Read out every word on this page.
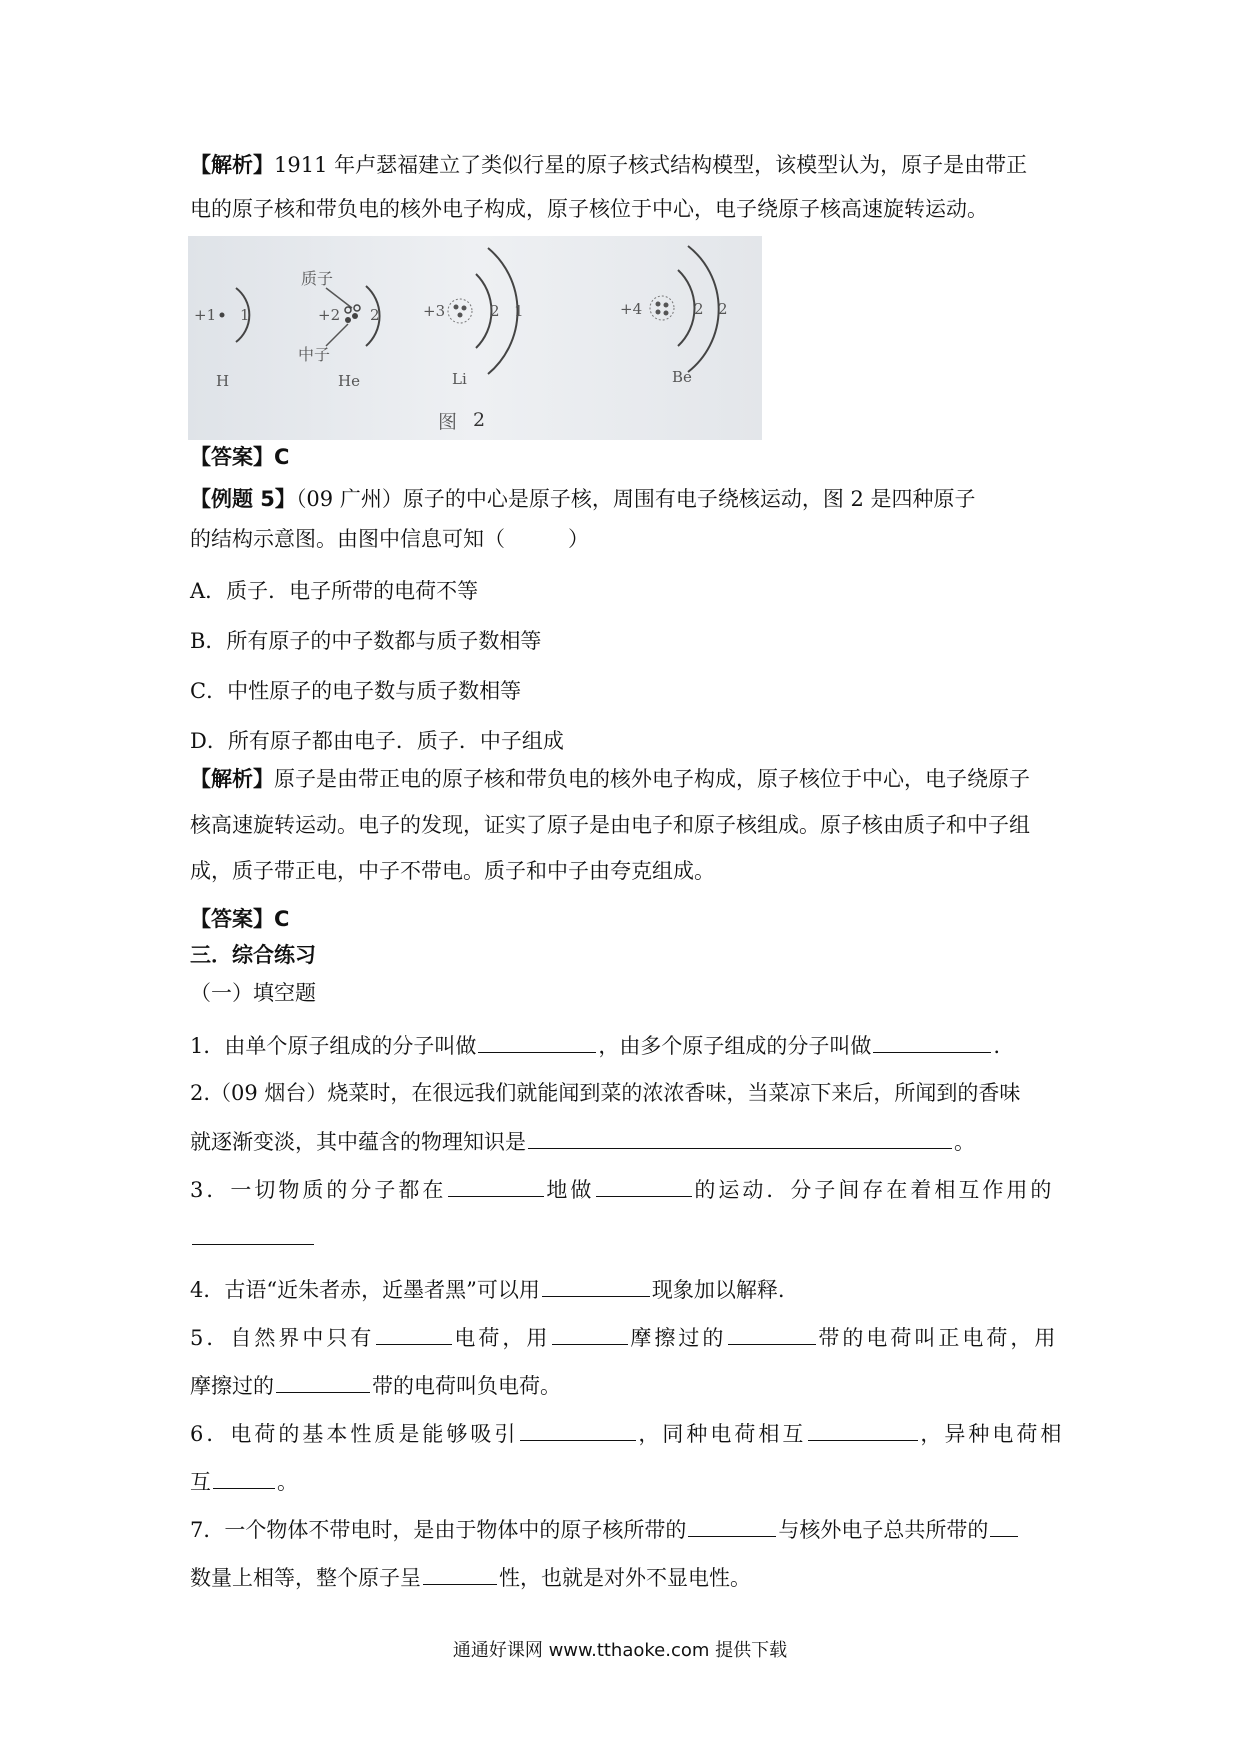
【解析】1911 年卢瑟福建立了类似行星的原子核式结构模型，该模型认为，原子是由带正
电的原子核和带负电的核外电子构成，原子核位于中心，电子绕原子核高速旋转运动。
+1 1
H
质子
+2
中子
2
He
+3	2 1
Li
+4	2 2
Be
图 2
【答案】C
【例题 5】（09 广州）原子的中心是原子核，周围有电子绕核运动，图 2 是四种原子
的结构示意图。由图中信息可知（　　　）
A．质子．电子所带的电荷不等
B．所有原子的中子数都与质子数相等
C．中性原子的电子数与质子数相等
D．所有原子都由电子．质子．中子组成
【解析】原子是由带正电的原子核和带负电的核外电子构成，原子核位于中心，电子绕原子
核高速旋转运动。电子的发现，证实了原子是由电子和原子核组成。原子核由质子和中子组
成，质子带正电，中子不带电。质子和中子由夸克组成。
【答案】C
三．综合练习
（一）填空题
1．由单个原子组成的分子叫做	，由多个原子组成的分子叫做	.
2.（09 烟台）烧菜时，在很远我们就能闻到菜的浓浓香味，当菜凉下来后，所闻到的香味
就逐渐变淡，其中蕴含的物理知识是	。
3．一切物质的分子都在	地做	的运动．分子间存在着相互作用的
4．古语“近朱者赤，近墨者黑”可以用	现象加以解释.
5．自然界中只有	电荷，用	摩擦过的	带的电荷叫正电荷，用
摩擦过的	带的电荷叫负电荷。
6．电荷的基本性质是能够吸引	，同种电荷相互	，异种电荷相
互	。
7．一个物体不带电时，是由于物体中的原子核所带的	与核外电子总共所带的
数量上相等，整个原子呈	性，也就是对外不显电性。
通通好课网 www.tthaoke.com 提供下载
